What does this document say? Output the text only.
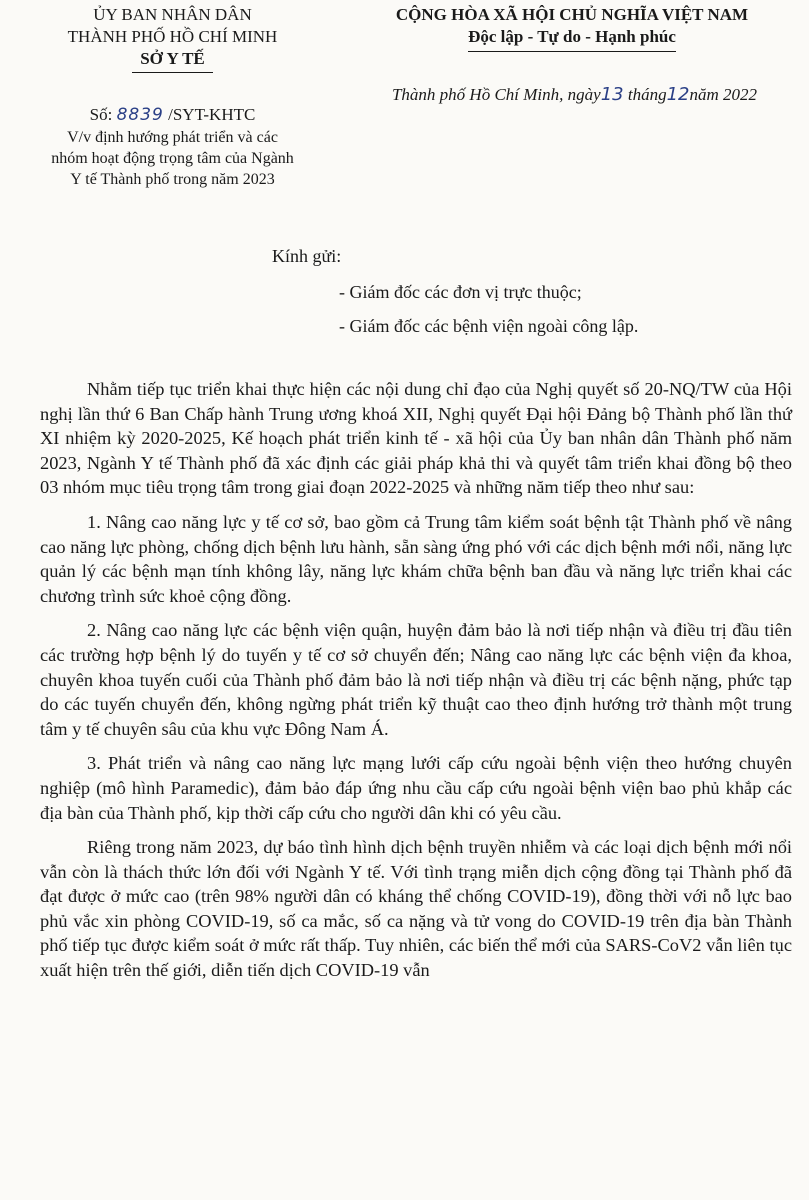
ỦY BAN NHÂN DÂN
THÀNH PHỐ HỒ CHÍ MINH
SỞ Y TẾ
CỘNG HÒA XÃ HỘI CHỦ NGHĨA VIỆT NAM
Độc lập - Tự do - Hạnh phúc
Thành phố Hồ Chí Minh, ngày13 tháng12năm 2022
Số: 8839 /SYT-KHTC
V/v định hướng phát triển và các
nhóm hoạt động trọng tâm của Ngành
Y tế Thành phố trong năm 2023
Kính gửi:
- Giám đốc các đơn vị trực thuộc;
- Giám đốc các bệnh viện ngoài công lập.

Nhằm tiếp tục triển khai thực hiện các nội dung chỉ đạo của Nghị quyết số 20-NQ/TW của Hội nghị lần thứ 6 Ban Chấp hành Trung ương khoá XII, Nghị quyết Đại hội Đảng bộ Thành phố lần thứ XI nhiệm kỳ 2020-2025, Kế hoạch phát triển kinh tế - xã hội của Ủy ban nhân dân Thành phố năm 2023, Ngành Y tế Thành phố đã xác định các giải pháp khả thi và quyết tâm triển khai đồng bộ theo 03 nhóm mục tiêu trọng tâm trong giai đoạn 2022-2025 và những năm tiếp theo như sau:

1. Nâng cao năng lực y tế cơ sở, bao gồm cả Trung tâm kiểm soát bệnh tật Thành phố về nâng cao năng lực phòng, chống dịch bệnh lưu hành, sẵn sàng ứng phó với các dịch bệnh mới nổi, năng lực quản lý các bệnh mạn tính không lây, năng lực khám chữa bệnh ban đầu và năng lực triển khai các chương trình sức khoẻ cộng đồng.

2. Nâng cao năng lực các bệnh viện quận, huyện đảm bảo là nơi tiếp nhận và điều trị đầu tiên các trường hợp bệnh lý do tuyến y tế cơ sở chuyển đến; Nâng cao năng lực các bệnh viện đa khoa, chuyên khoa tuyến cuối của Thành phố đảm bảo là nơi tiếp nhận và điều trị các bệnh nặng, phức tạp do các tuyến chuyển đến, không ngừng phát triển kỹ thuật cao theo định hướng trở thành một trung tâm y tế chuyên sâu của khu vực Đông Nam Á.

3. Phát triển và nâng cao năng lực mạng lưới cấp cứu ngoài bệnh viện theo hướng chuyên nghiệp (mô hình Paramedic), đảm bảo đáp ứng nhu cầu cấp cứu ngoài bệnh viện bao phủ khắp các địa bàn của Thành phố, kịp thời cấp cứu cho người dân khi có yêu cầu.

Riêng trong năm 2023, dự báo tình hình dịch bệnh truyền nhiễm và các loại dịch bệnh mới nổi vẫn còn là thách thức lớn đối với Ngành Y tế. Với tình trạng miễn dịch cộng đồng tại Thành phố đã đạt được ở mức cao (trên 98% người dân có kháng thể chống COVID-19), đồng thời với nỗ lực bao phủ vắc xin phòng COVID-19, số ca mắc, số ca nặng và tử vong do COVID-19 trên địa bàn Thành phố tiếp tục được kiểm soát ở mức rất thấp. Tuy nhiên, các biến thể mới của SARS-CoV2 vẫn liên tục xuất hiện trên thế giới, diễn tiến dịch COVID-19 vẫn
